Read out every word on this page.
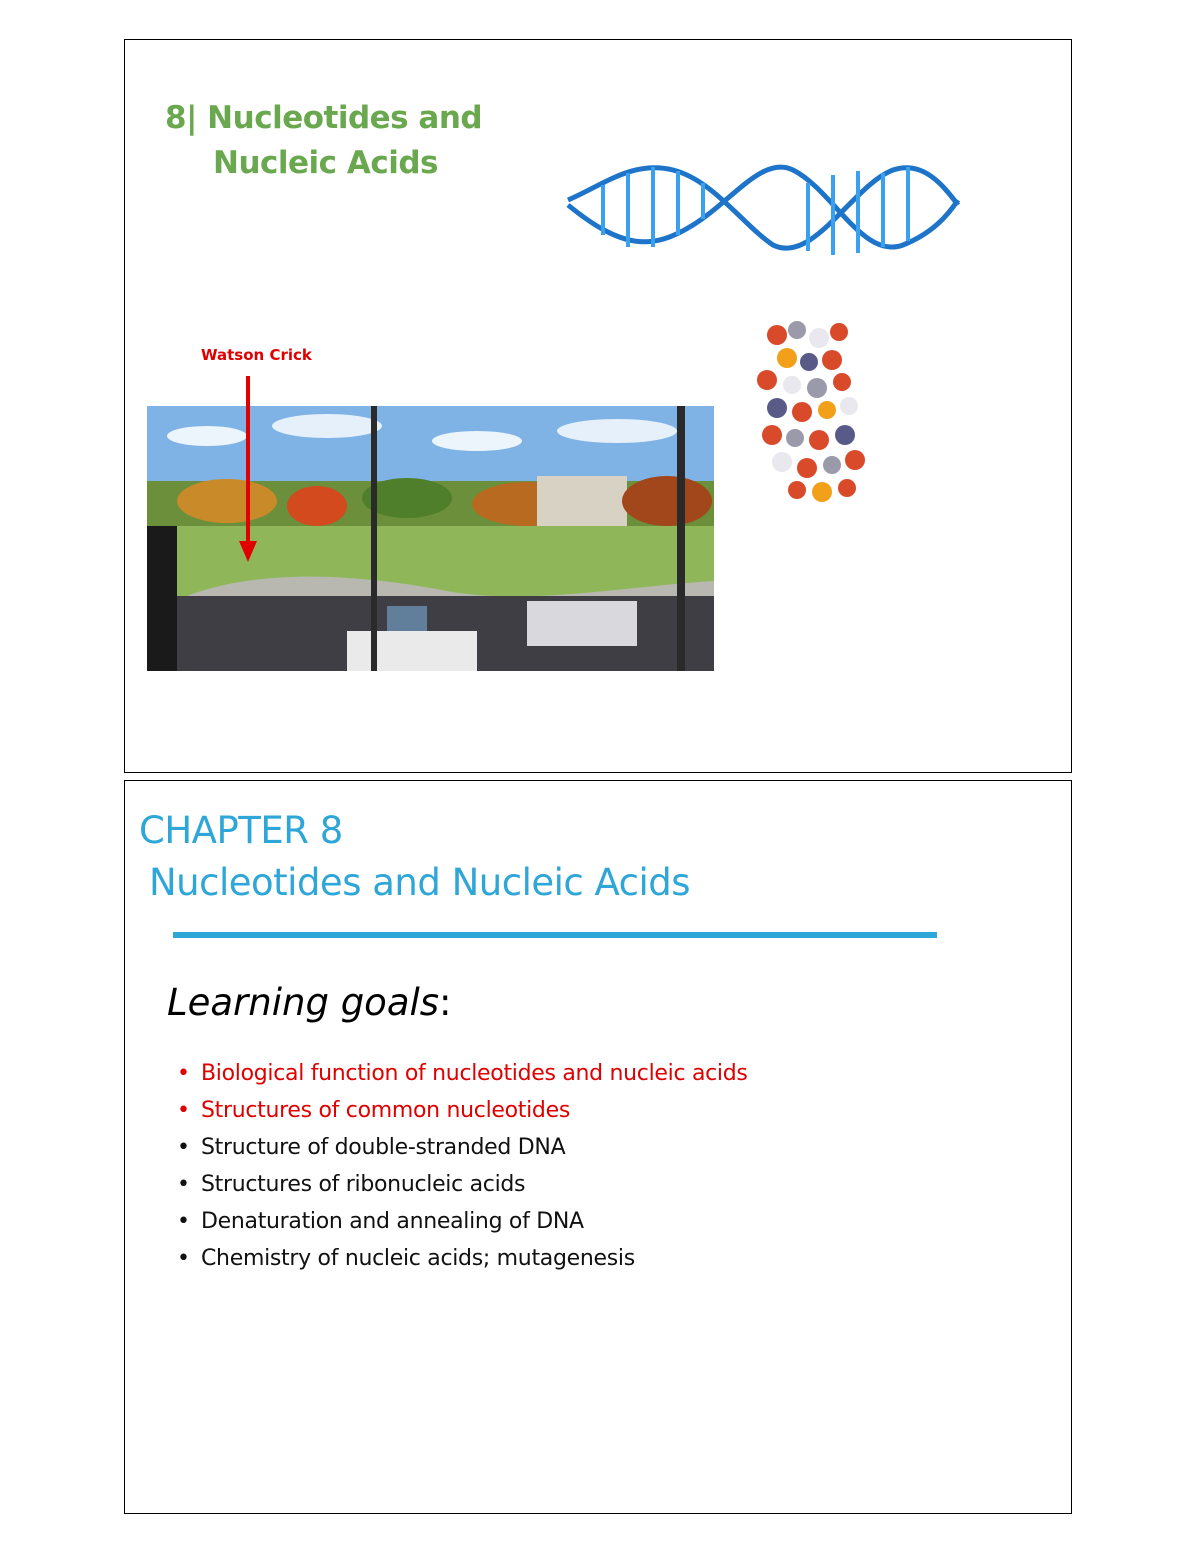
8| Nucleotides and
Nucleic Acids
Watson Crick
CHAPTER 8
Nucleotides and Nucleic Acids
Learning goals:
• Biological function of nucleotides and nucleic acids
• Structures of common nucleotides
• Structure of double-stranded DNA
• Structures of ribonucleic acids
• Denaturation and annealing of DNA
• Chemistry of nucleic acids; mutagenesis
